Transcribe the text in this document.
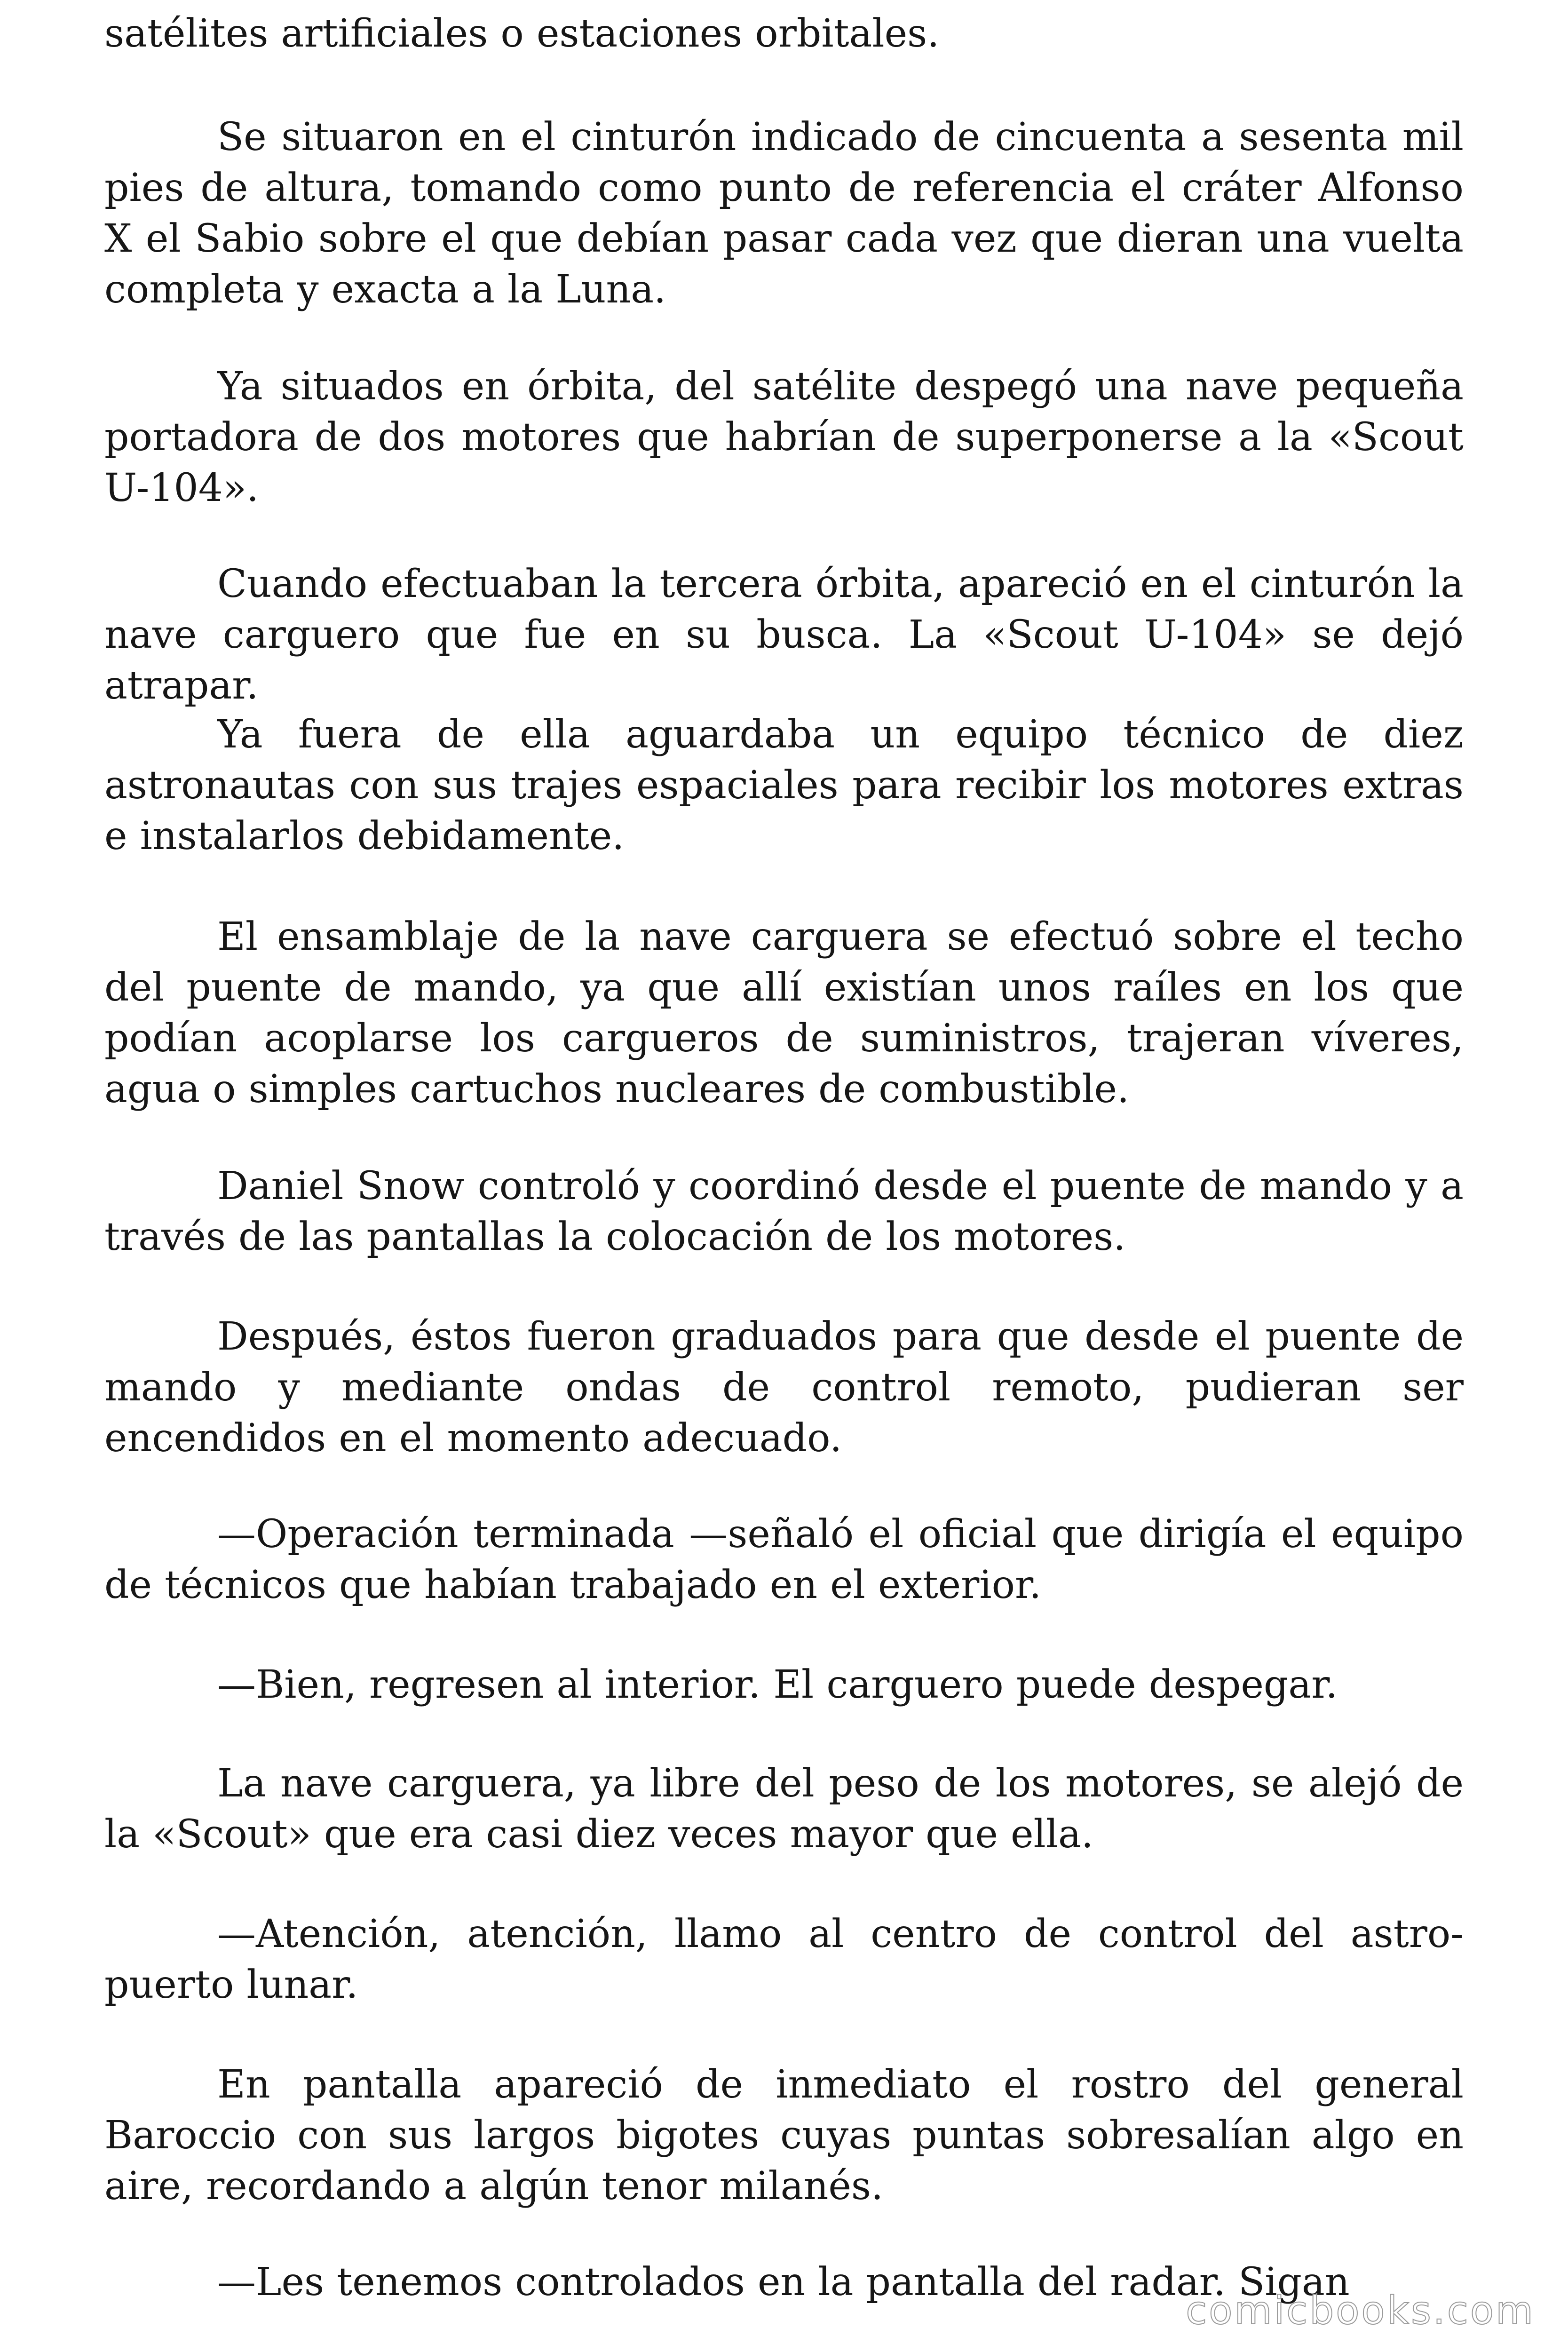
satélites artificiales o estaciones orbitales.

Se situaron en el cinturón indicado de cincuenta a sesenta mil pies de altura, tomando como punto de referencia el cráter Alfonso X el Sabio sobre el que debían pasar cada vez que dieran una vuelta completa y exacta a la Luna.

Ya situados en órbita, del satélite despegó una nave pequeña portadora de dos motores que habrían de superponerse a la «Scout U-104».

Cuando efectuaban la tercera órbita, apareció en el cinturón la nave carguero que fue en su busca. La «Scout U-104» se dejó atrapar.

Ya fuera de ella aguardaba un equipo técnico de diez astronautas con sus trajes espaciales para recibir los motores extras e instalarlos debidamente.

El ensamblaje de la nave carguera se efectuó sobre el techo del puente de mando, ya que allí existían unos raíles en los que podían acoplarse los cargueros de suministros, trajeran víveres, agua o simples cartuchos nucleares de combustible.

Daniel Snow controló y coordinó desde el puente de mando y a través de las pantallas la colocación de los motores.

Después, éstos fueron graduados para que desde el puente de mando y mediante ondas de control remoto, pudieran ser encendidos en el momento adecuado.

—Operación terminada —señaló el oficial que dirigía el equipo de técnicos que habían trabajado en el exterior.

—Bien, regresen al interior. El carguero puede despegar.

La nave carguera, ya libre del peso de los motores, se alejó de la «Scout» que era casi diez veces mayor que ella.

—Atención, atención, llamo al centro de control del astro-puerto lunar.

En pantalla apareció de inmediato el rostro del general Baroccio con sus largos bigotes cuyas puntas sobresalían algo en aire, recordando a algún tenor milanés.

—Les tenemos controlados en la pantalla del radar. Sigan

comicbooks.com
